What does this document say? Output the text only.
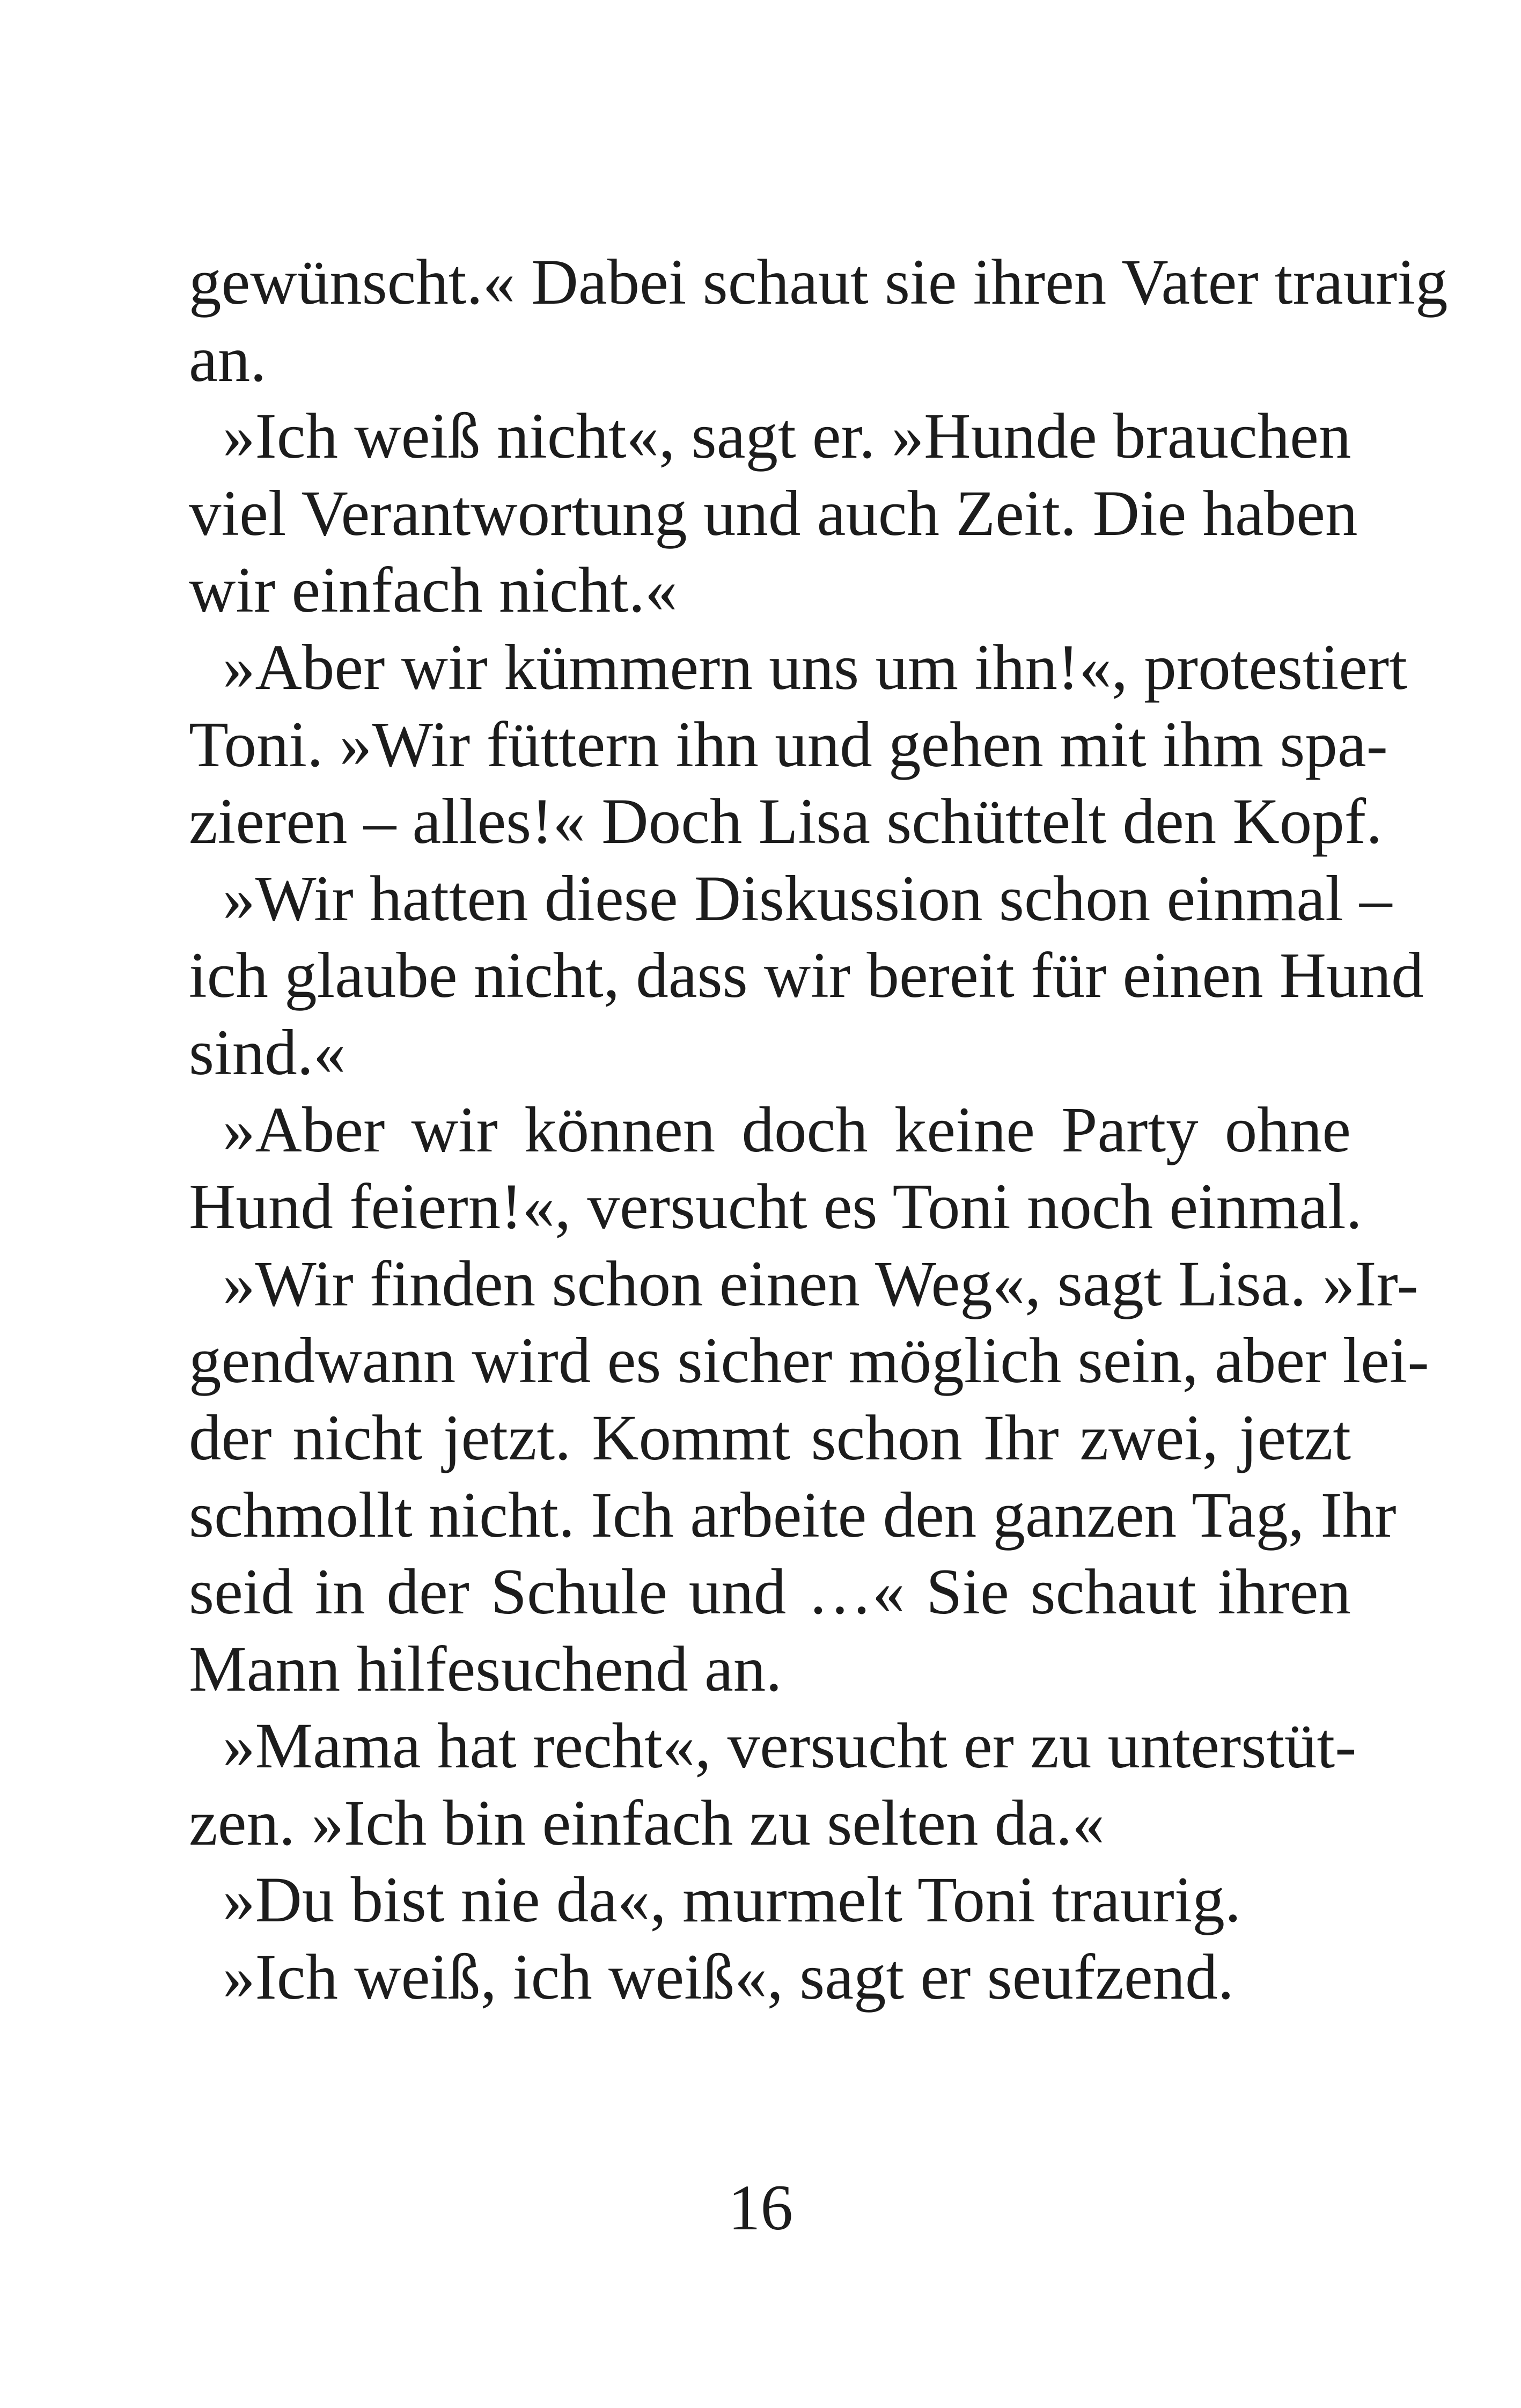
gewünscht.« Dabei schaut sie ihren Vater traurig
an.
»Ich weiß nicht«, sagt er. »Hunde brauchen
viel Verantwortung und auch Zeit. Die haben
wir einfach nicht.«
»Aber wir kümmern uns um ihn!«, protestiert
Toni. »Wir füttern ihn und gehen mit ihm spa-
zieren – alles!« Doch Lisa schüttelt den Kopf.
»Wir hatten diese Diskussion schon einmal –
ich glaube nicht, dass wir bereit für einen Hund
sind.«
»Aber wir können doch keine Party ohne
Hund feiern!«, versucht es Toni noch einmal.
»Wir finden schon einen Weg«, sagt Lisa. »Ir-
gendwann wird es sicher möglich sein, aber lei-
der nicht jetzt. Kommt schon Ihr zwei, jetzt
schmollt nicht. Ich arbeite den ganzen Tag, Ihr
seid in der Schule und …« Sie schaut ihren
Mann hilfesuchend an.
»Mama hat recht«, versucht er zu unterstüt-
zen. »Ich bin einfach zu selten da.«
»Du bist nie da«, murmelt Toni traurig.
»Ich weiß, ich weiß«, sagt er seufzend.
16
